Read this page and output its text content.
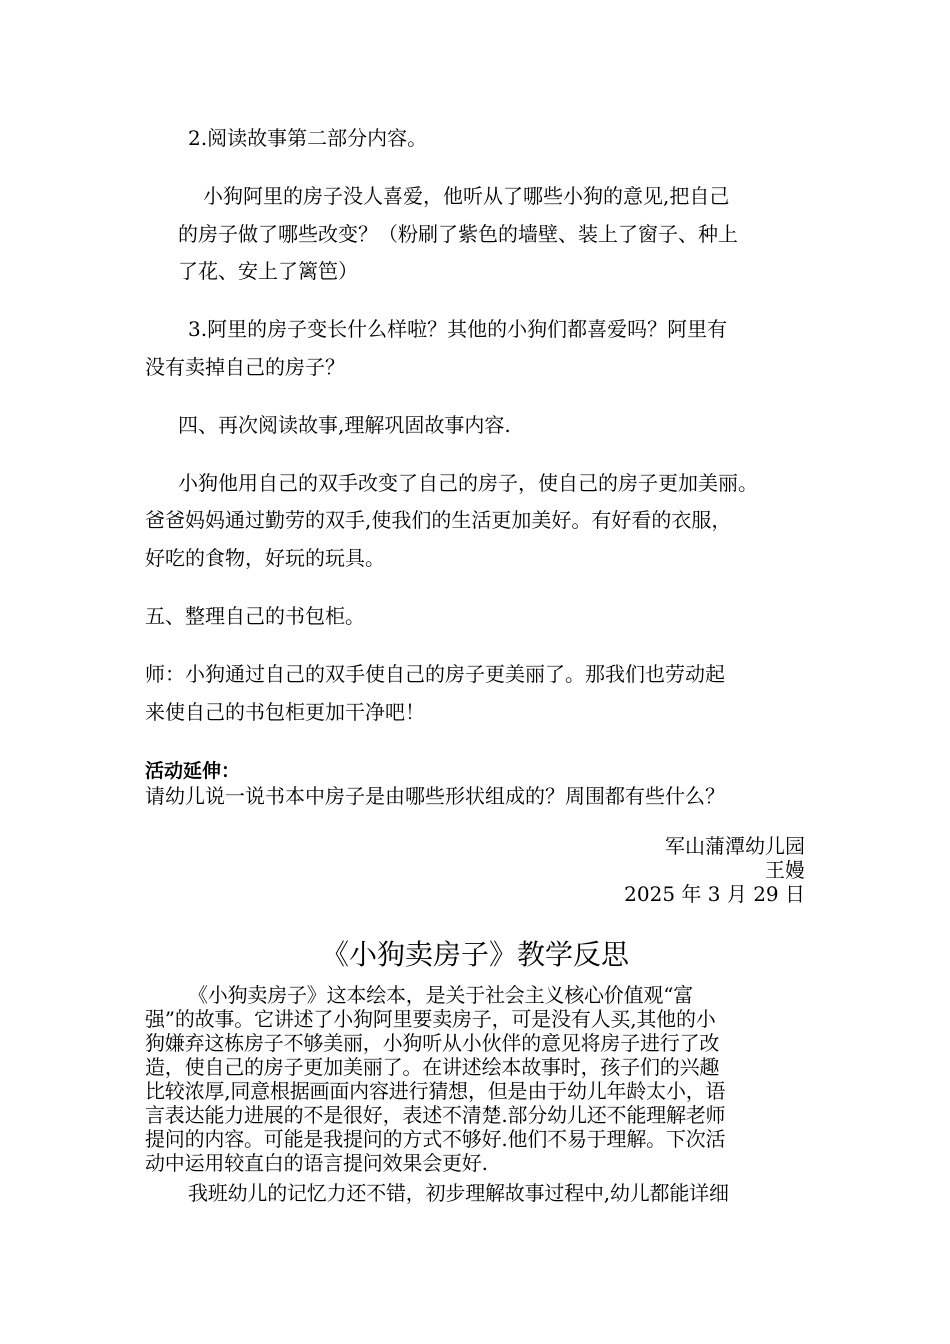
2.阅读故事第二部分内容。
小狗阿里的房子没人喜爱，他听从了哪些小狗的意见,把自己
的房子做了哪些改变？（粉刷了紫色的墙壁、装上了窗子、种上
了花、安上了篱笆）
3.阿里的房子变长什么样啦？其他的小狗们都喜爱吗？阿里有
没有卖掉自己的房子？
四、再次阅读故事,理解巩固故事内容.
小狗他用自己的双手改变了自己的房子，使自己的房子更加美丽。
爸爸妈妈通过勤劳的双手,使我们的生活更加美好。有好看的衣服，
好吃的食物，好玩的玩具。
五、整理自己的书包柜。
师：小狗通过自己的双手使自己的房子更美丽了。那我们也劳动起
来使自己的书包柜更加干净吧！
活动延伸：
请幼儿说一说书本中房子是由哪些形状组成的？周围都有些什么？
军山蒲潭幼儿园
王嫚
2025 年 3 月 29 日
《小狗卖房子》教学反思
《小狗卖房子》这本绘本，是关于社会主义核心价值观“富
强”的故事。它讲述了小狗阿里要卖房子，可是没有人买,其他的小
狗嫌弃这栋房子不够美丽，小狗听从小伙伴的意见将房子进行了改
造，使自己的房子更加美丽了。在讲述绘本故事时，孩子们的兴趣
比较浓厚,同意根据画面内容进行猜想，但是由于幼儿年龄太小，语
言表达能力进展的不是很好，表述不清楚.部分幼儿还不能理解老师
提问的内容。可能是我提问的方式不够好.他们不易于理解。下次活
动中运用较直白的语言提问效果会更好.
我班幼儿的记忆力还不错，初步理解故事过程中,幼儿都能详细
